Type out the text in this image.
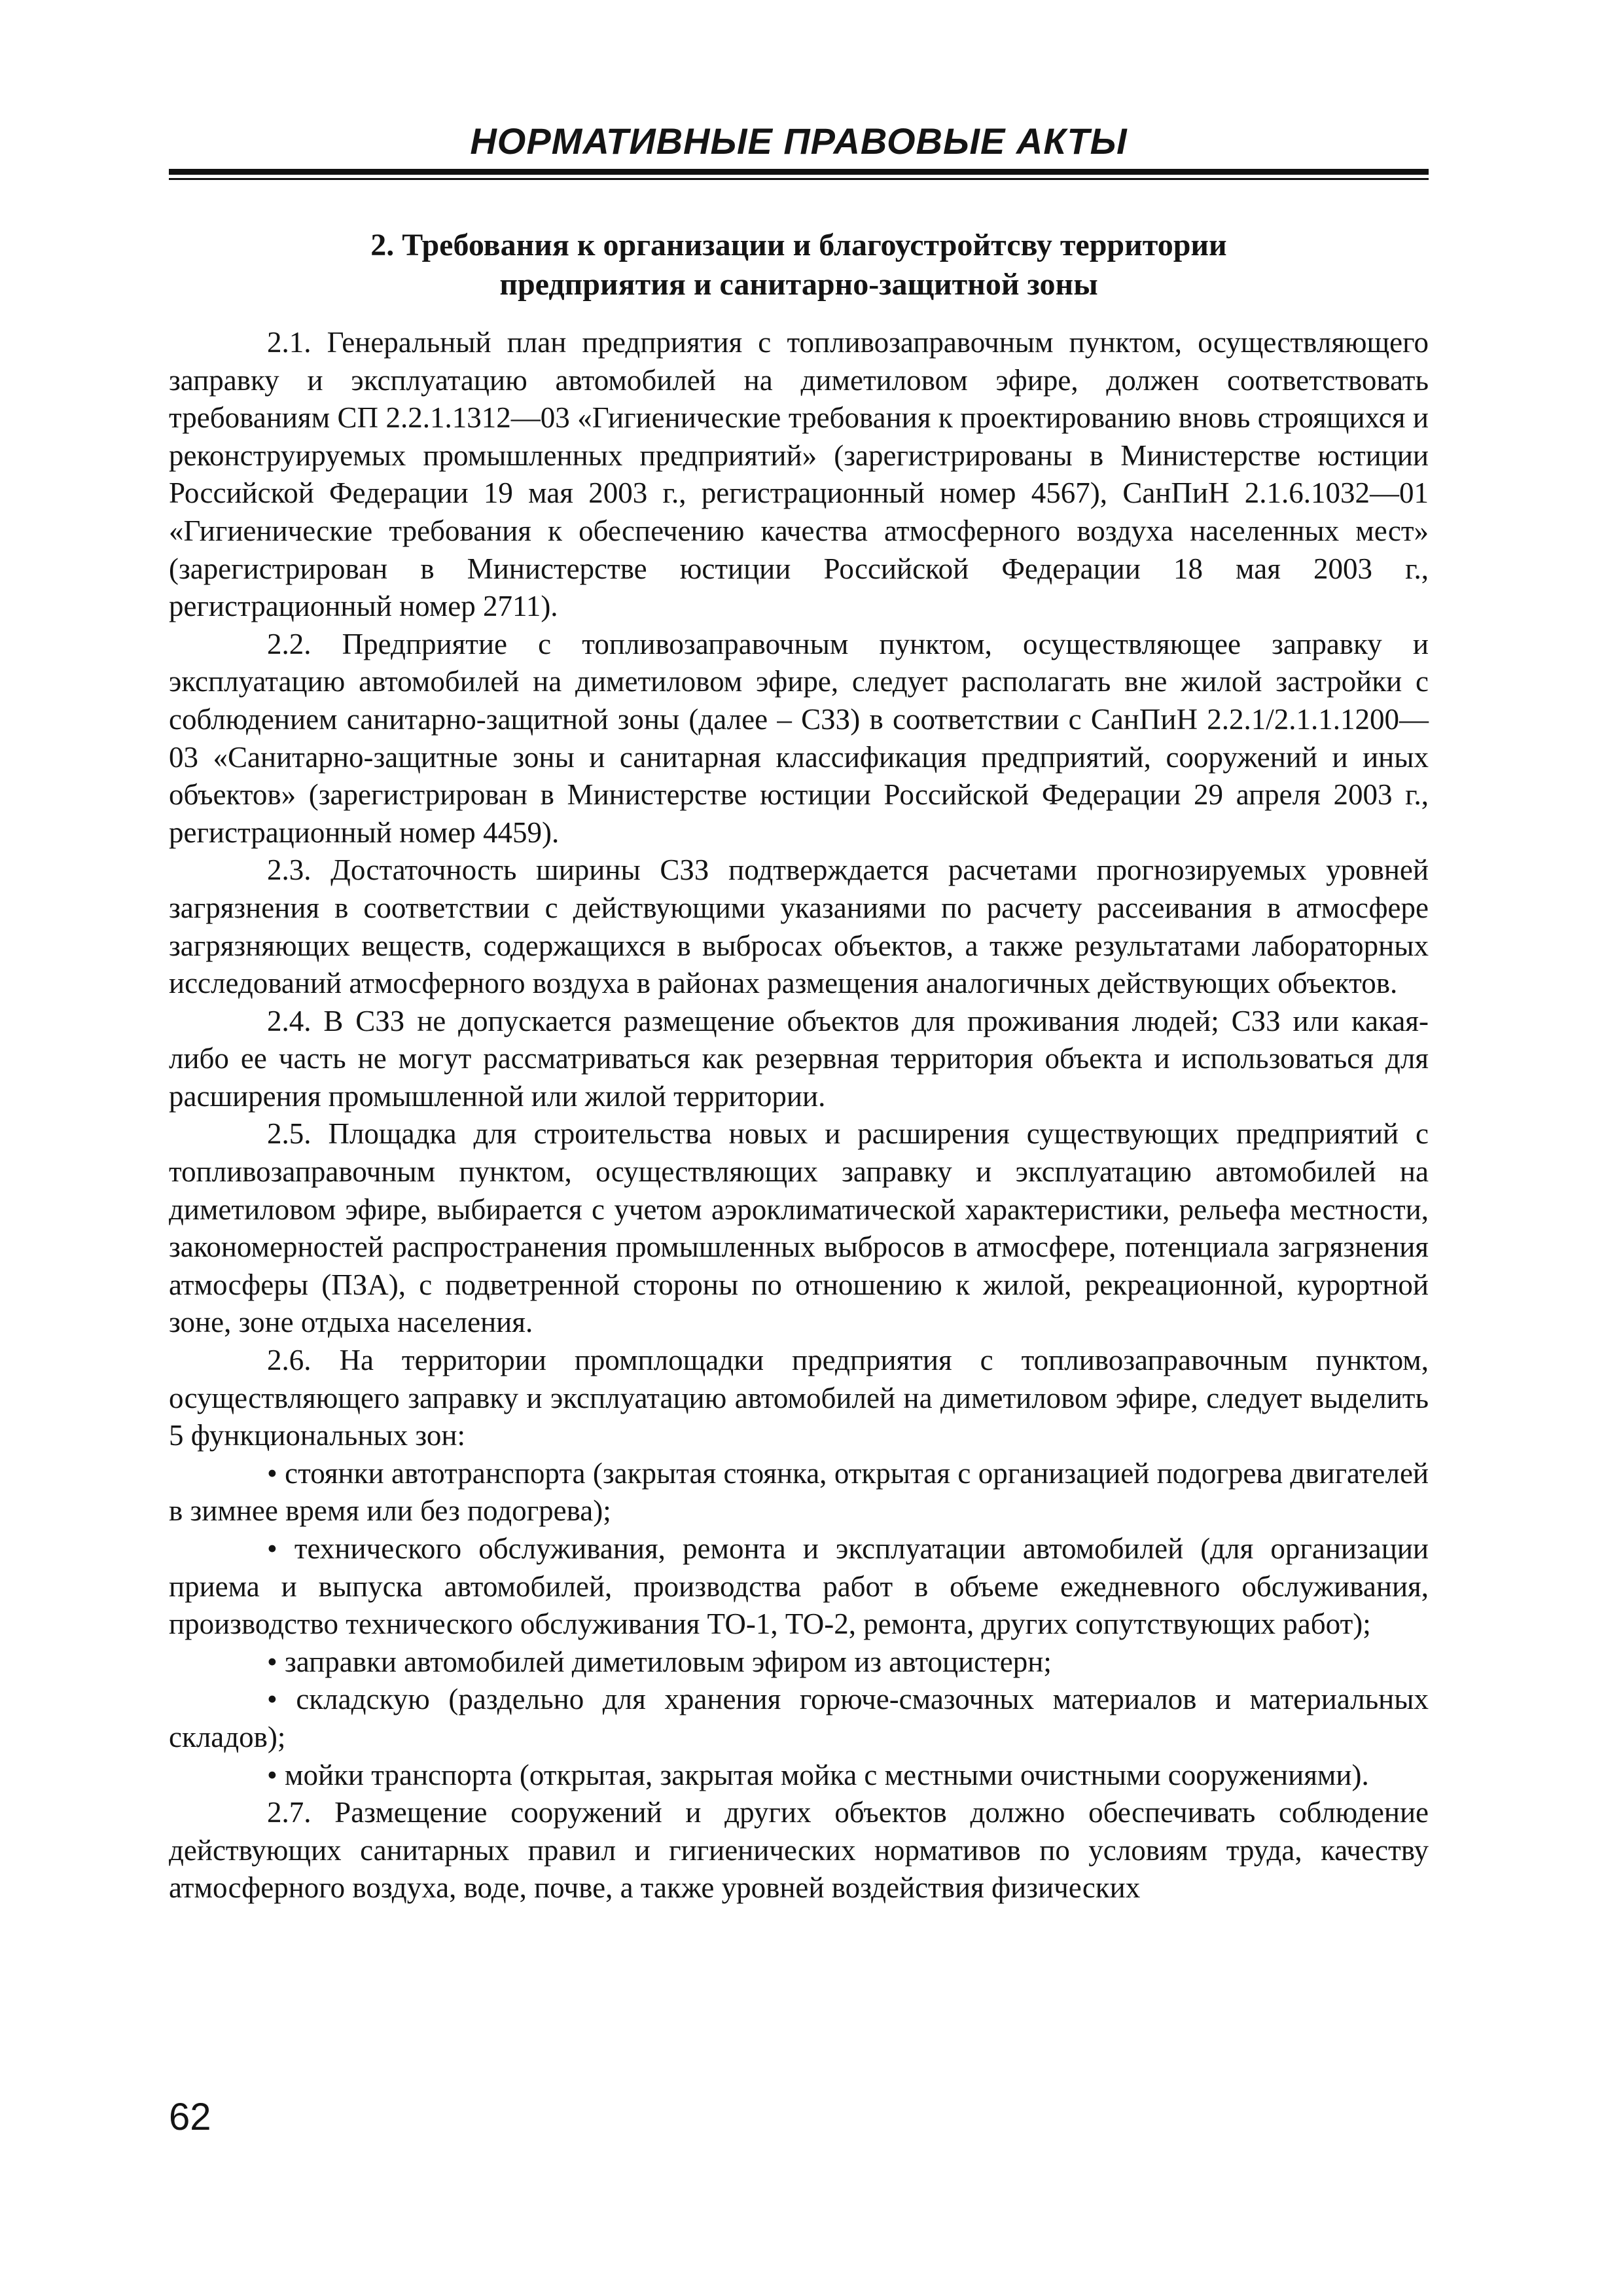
НОРМАТИВНЫЕ ПРАВОВЫЕ АКТЫ
2. Требования к организации и благоустройтсву территории
предприятия и санитарно-защитной зоны

2.1. Генеральный план предприятия с топливозаправочным пунктом, осуществляющего заправку и эксплуатацию автомобилей на диметиловом эфире, должен соответствовать требованиям СП 2.2.1.1312—03 «Гигиенические требования к проектированию вновь строящихся и реконструируемых промышленных предприятий» (зарегистрированы в Министерстве юстиции Российской Федерации 19 мая 2003 г., регистрационный номер 4567), СанПиН 2.1.6.1032—01 «Гигиенические требования к обеспечению качества атмосферного воздуха населенных мест» (зарегистрирован в Министерстве юстиции Российской Федерации 18 мая 2003 г., регистрационный номер 2711).

2.2. Предприятие с топливозаправочным пунктом, осуществляющее заправку и эксплуатацию автомобилей на диметиловом эфире, следует располагать вне жилой застройки с соблюдением санитарно-защитной зоны (далее – СЗЗ) в соответствии с СанПиН 2.2.1/2.1.1.1200—03 «Санитарно-защитные зоны и санитарная классификация предприятий, сооружений и иных объектов» (зарегистрирован в Министерстве юстиции Российской Федерации 29 апреля 2003 г., регистрационный номер 4459).

2.3. Достаточность ширины СЗЗ подтверждается расчетами прогнозируемых уровней загрязнения в соответствии с действующими указаниями по расчету рассеивания в атмосфере загрязняющих веществ, содержащихся в выбросах объектов, а также результатами лабораторных исследований атмосферного воздуха в районах размещения аналогичных действующих объектов.

2.4. В СЗЗ не допускается размещение объектов для проживания людей; СЗЗ или какая-либо ее часть не могут рассматриваться как резервная территория объекта и использоваться для расширения промышленной или жилой территории.

2.5. Площадка для строительства новых и расширения существующих предприятий с топливозаправочным пунктом, осуществляющих заправку и эксплуатацию автомобилей на диметиловом эфире, выбирается с учетом аэроклиматической характеристики, рельефа местности, закономерностей распространения промышленных выбросов в атмосфере, потенциала загрязнения атмосферы (ПЗА), с подветренной стороны по отношению к жилой, рекреационной, курортной зоне, зоне отдыха населения.

2.6. На территории промплощадки предприятия с топливозаправочным пунктом, осуществляющего заправку и эксплуатацию автомобилей на диметиловом эфире, следует выделить 5 функциональных зон:

• стоянки автотранспорта (закрытая стоянка, открытая с организацией подогрева двигателей в зимнее время или без подогрева);

• технического обслуживания, ремонта и эксплуатации автомобилей (для организации приема и выпуска автомобилей, производства работ в объеме ежедневного обслуживания, производство технического обслуживания ТО-1, ТО-2, ремонта, других сопутствующих работ);

• заправки автомобилей диметиловым эфиром из автоцистерн;

• складскую (раздельно для хранения горюче-смазочных материалов и материальных складов);

• мойки транспорта (открытая, закрытая мойка с местными очистными сооружениями).

2.7. Размещение сооружений и других объектов должно обеспечивать соблюдение действующих санитарных правил и гигиенических нормативов по условиям труда, качеству атмосферного воздуха, воде, почве, а также уровней воздействия физических

62
